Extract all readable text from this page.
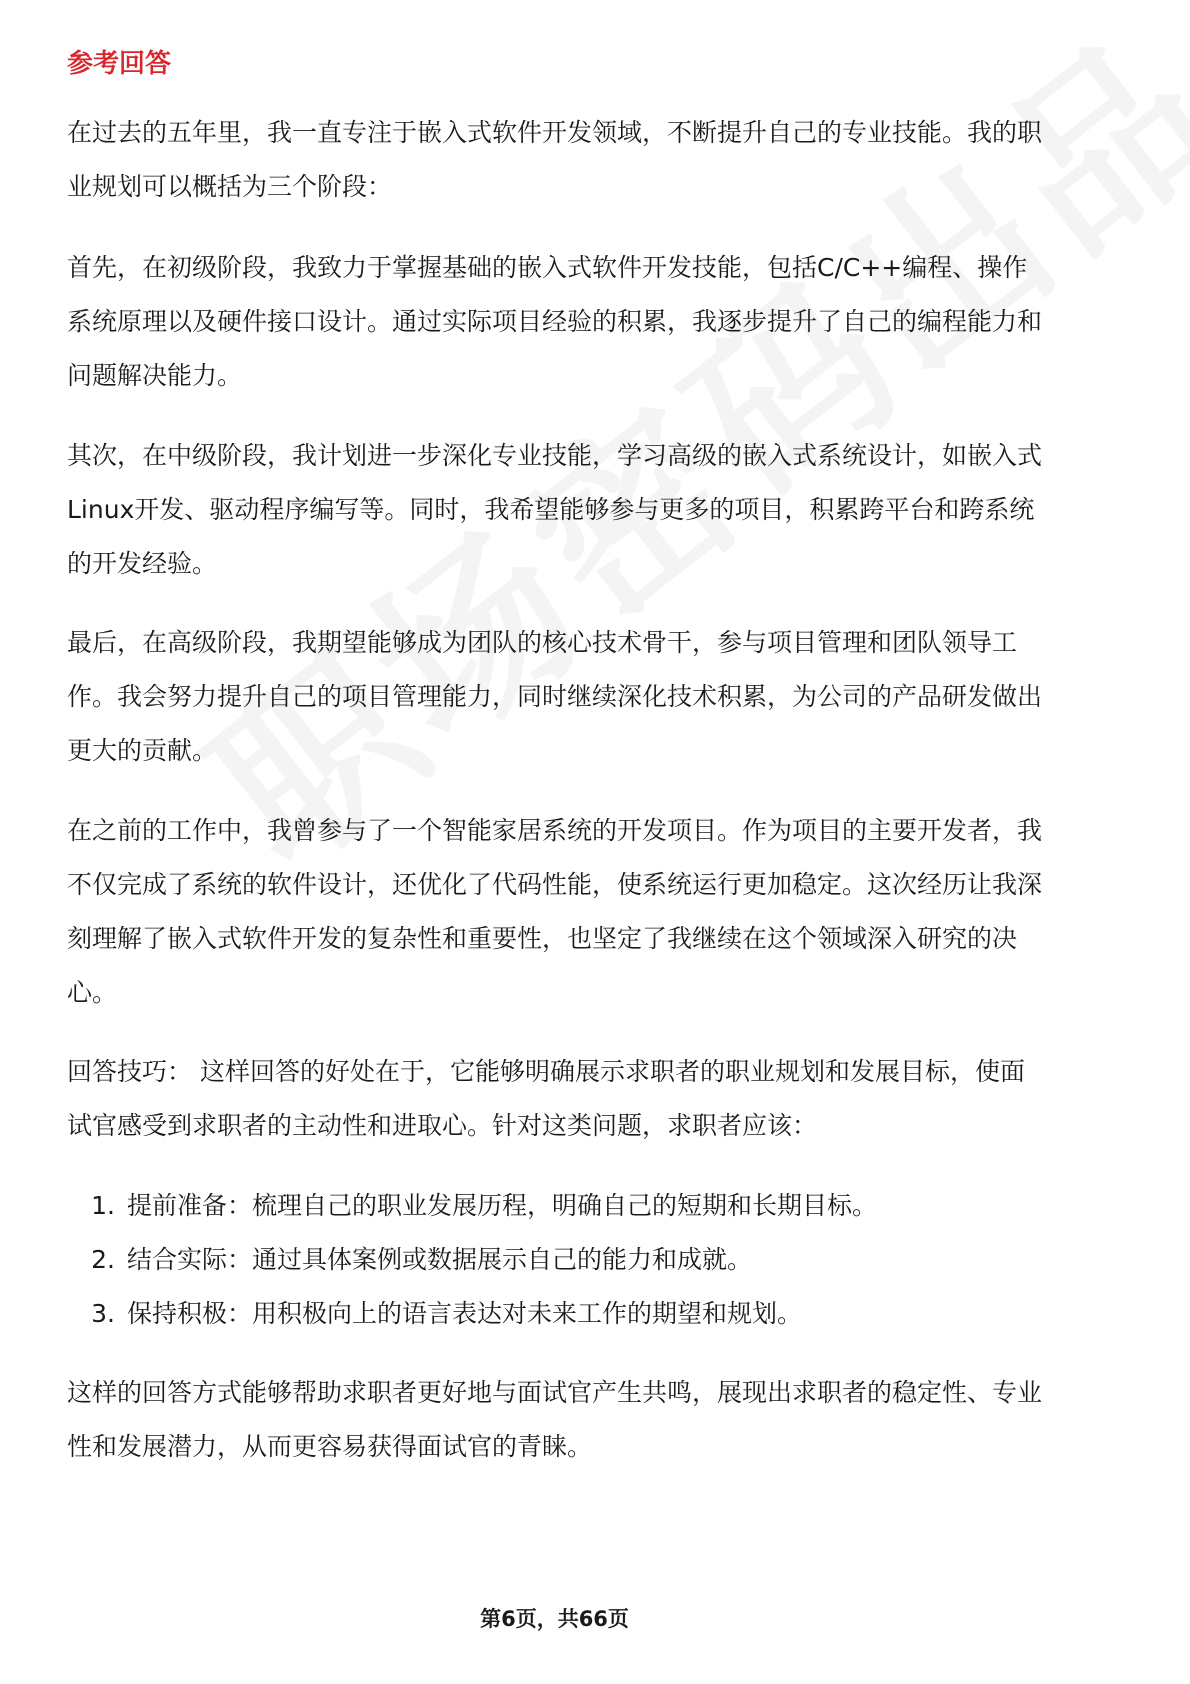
参考回答

在过去的五年里，我一直专注于嵌入式软件开发领域，不断提升自己的专业技能。我的职业规划可以概括为三个阶段：

首先，在初级阶段，我致力于掌握基础的嵌入式软件开发技能，包括C/C++编程、操作系统原理以及硬件接口设计。通过实际项目经验的积累，我逐步提升了自己的编程能力和问题解决能力。

其次，在中级阶段，我计划进一步深化专业技能，学习高级的嵌入式系统设计，如嵌入式Linux开发、驱动程序编写等。同时，我希望能够参与更多的项目，积累跨平台和跨系统的开发经验。

最后，在高级阶段，我期望能够成为团队的核心技术骨干，参与项目管理和团队领导工作。我会努力提升自己的项目管理能力，同时继续深化技术积累，为公司的产品研发做出更大的贡献。

在之前的工作中，我曾参与了一个智能家居系统的开发项目。作为项目的主要开发者，我不仅完成了系统的软件设计，还优化了代码性能，使系统运行更加稳定。这次经历让我深刻理解了嵌入式软件开发的复杂性和重要性，也坚定了我继续在这个领域深入研究的决心。

回答技巧： 这样回答的好处在于，它能够明确展示求职者的职业规划和发展目标，使面试官感受到求职者的主动性和进取心。针对这类问题，求职者应该：

1. 提前准备：梳理自己的职业发展历程，明确自己的短期和长期目标。
2. 结合实际：通过具体案例或数据展示自己的能力和成就。
3. 保持积极：用积极向上的语言表达对未来工作的期望和规划。

这样的回答方式能够帮助求职者更好地与面试官产生共鸣，展现出求职者的稳定性、专业性和发展潜力，从而更容易获得面试官的青睐。

第6页，共66页
